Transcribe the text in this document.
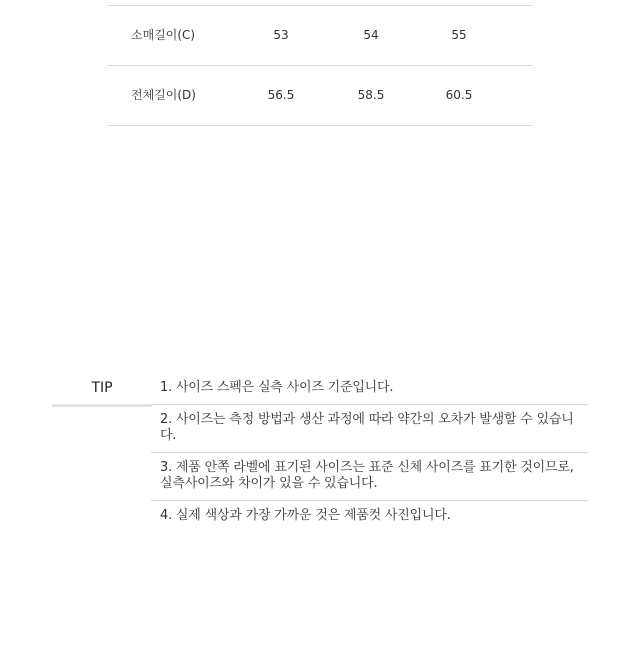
소매길이(C)	53	54	55
전체길이(D)	56.5	58.5	60.5
TIP	1. 사이즈 스펙은 실측 사이즈 기준입니다.
2. 사이즈는 측정 방법과 생산 과정에 따라 약간의 오차가 발생할 수 있습니다.
3. 제품 안쪽 라벨에 표기된 사이즈는 표준 신체 사이즈를 표기한 것이므로,
실측사이즈와 차이가 있을 수 있습니다.
4. 실제 색상과 가장 가까운 것은 제품컷 사진입니다.
